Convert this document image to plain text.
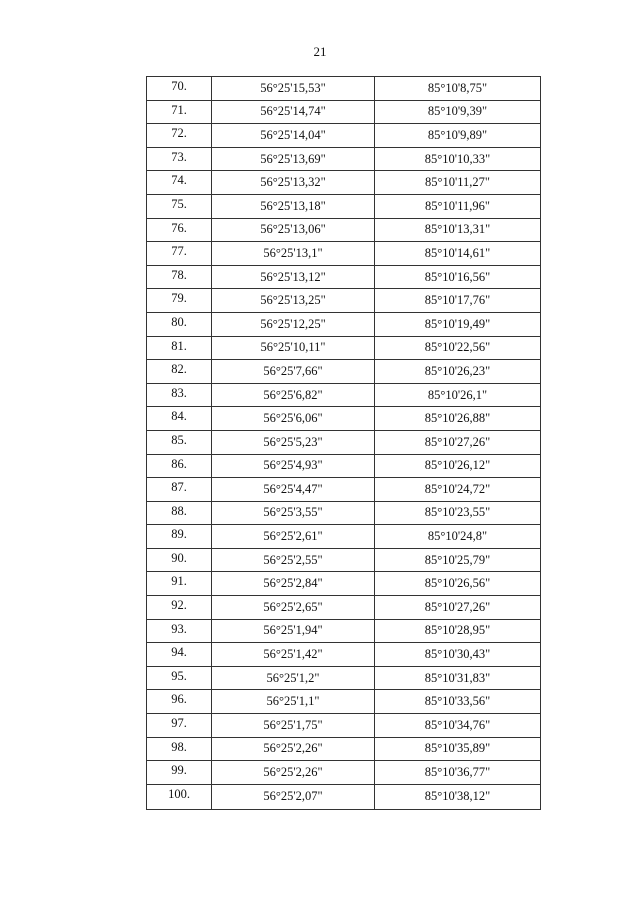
21
70.	56°25'15,53"	85°10'8,75"
71.	56°25'14,74"	85°10'9,39"
72.	56°25'14,04"	85°10'9,89"
73.	56°25'13,69"	85°10'10,33"
74.	56°25'13,32"	85°10'11,27"
75.	56°25'13,18"	85°10'11,96"
76.	56°25'13,06"	85°10'13,31"
77.	56°25'13,1"	85°10'14,61"
78.	56°25'13,12"	85°10'16,56"
79.	56°25'13,25"	85°10'17,76"
80.	56°25'12,25"	85°10'19,49"
81.	56°25'10,11"	85°10'22,56"
82.	56°25'7,66"	85°10'26,23"
83.	56°25'6,82"	85°10'26,1"
84.	56°25'6,06"	85°10'26,88"
85.	56°25'5,23"	85°10'27,26"
86.	56°25'4,93"	85°10'26,12"
87.	56°25'4,47"	85°10'24,72"
88.	56°25'3,55"	85°10'23,55"
89.	56°25'2,61"	85°10'24,8"
90.	56°25'2,55"	85°10'25,79"
91.	56°25'2,84"	85°10'26,56"
92.	56°25'2,65"	85°10'27,26"
93.	56°25'1,94"	85°10'28,95"
94.	56°25'1,42"	85°10'30,43"
95.	56°25'1,2"	85°10'31,83"
96.	56°25'1,1"	85°10'33,56"
97.	56°25'1,75"	85°10'34,76"
98.	56°25'2,26"	85°10'35,89"
99.	56°25'2,26"	85°10'36,77"
100.	56°25'2,07"	85°10'38,12"
